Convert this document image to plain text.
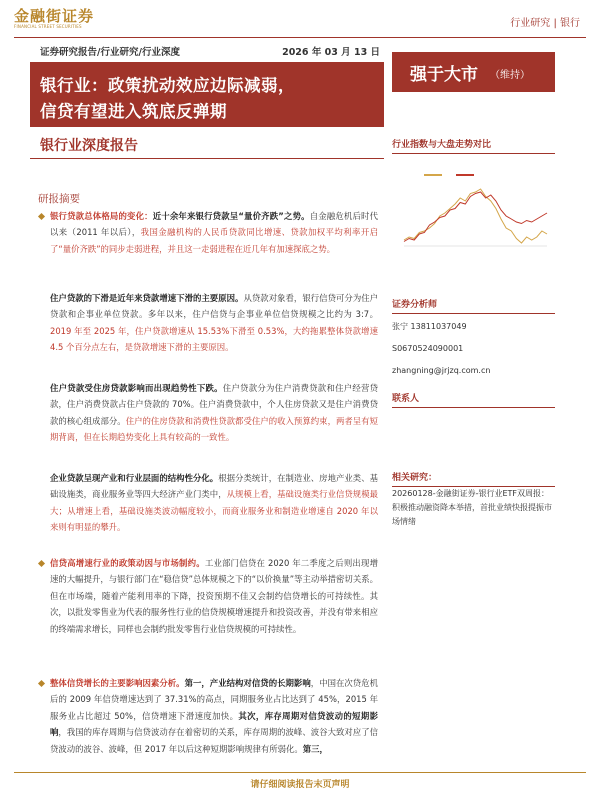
金融街证券
FINANCIAL STREET SECURITIES	行业研究 | 银行
证券研究报告/行业研究/行业深度	2026 年 03 月 13 日
银行业：政策扰动效应边际减弱，
信贷有望进入筑底反弹期
银行业深度报告
强于大市 （维持）
行业指数与大盘走势对比
证券分析师
张宁 13811037049
S0670524090001
zhangning@jrjzq.com.cn
联系人
相关研究：
20260128-金融街证券-银行业ETF双周报：积极推动融资降本举措，首批业绩快报提振市场情绪
研报摘要

银行贷款总体格局的变化：近十余年来银行贷款呈“量价齐跌”之势。自金融危机后时代以来（2011 年以后），我国金融机构的人民币贷款同比增速、贷款加权平均利率开启了“量价齐跌”的同步走弱进程，并且这一走弱进程在近几年有加速探底之势。

住户贷款的下滑是近年来贷款增速下滑的主要原因。从贷款对象看，银行信贷可分为住户贷款和企事业单位贷款。多年以来，住户信贷与企事业单位信贷规模之比约为 3:7。2019 年至 2025 年，住户贷款增速从 15.53%下滑至 0.53%，大约拖累整体贷款增速 4.5 个百分点左右，是贷款增速下滑的主要原因。

住户贷款受住房贷款影响而出现趋势性下跌。住户贷款分为住户消费贷款和住户经营贷款，住户消费贷款占住户贷款的 70%。住户消费贷款中，个人住房贷款又是住户消费贷款的核心组成部分。住户的住房贷款和消费性贷款都受住户的收入预算约束，两者呈有短期背离，但在长期趋势变化上具有较高的一致性。

企业贷款呈现产业和行业层面的结构性分化。根据分类统计，在制造业、房地产业类、基础设施类，商业服务业等四大经济产业门类中，从规模上看，基础设施类行业信贷规模最大；从增速上看，基础设施类波动幅度较小，而商业服务业和制造业增速自 2020 年以来则有明显的攀升。

信贷高增速行业的政策动因与市场制约。工业部门信贷在 2020 年二季度之后则出现增速的大幅提升，与银行部门在“稳信贷”总体规模之下的“以价换量”等主动举措密切关系。但在市场端，随着产能利用率的下降，投资预期不佳又会制约信贷增长的可持续性。其次，以批发零售业为代表的服务性行业的信贷规模增速提升和投资改善，并没有带来相应的终端需求增长，同样也会制约批发零售行业信贷规模的可持续性。

整体信贷增长的主要影响因素分析。第一，产业结构对信贷的长期影响，中国在次贷危机后的 2009 年信贷增速达到了 37.31%的高点，同期服务业占比达到了 45%，2015 年服务业占比超过 50%，信贷增速下滑速度加快。其次，库存周期对信贷波动的短期影响，我国的库存周期与信贷波动存在着密切的关系，库存周期的波峰、波谷大致对应了信贷波动的波谷、波峰，但 2017 年以后这种短期影响规律有所弱化。第三，

请仔细阅读报告末页声明
